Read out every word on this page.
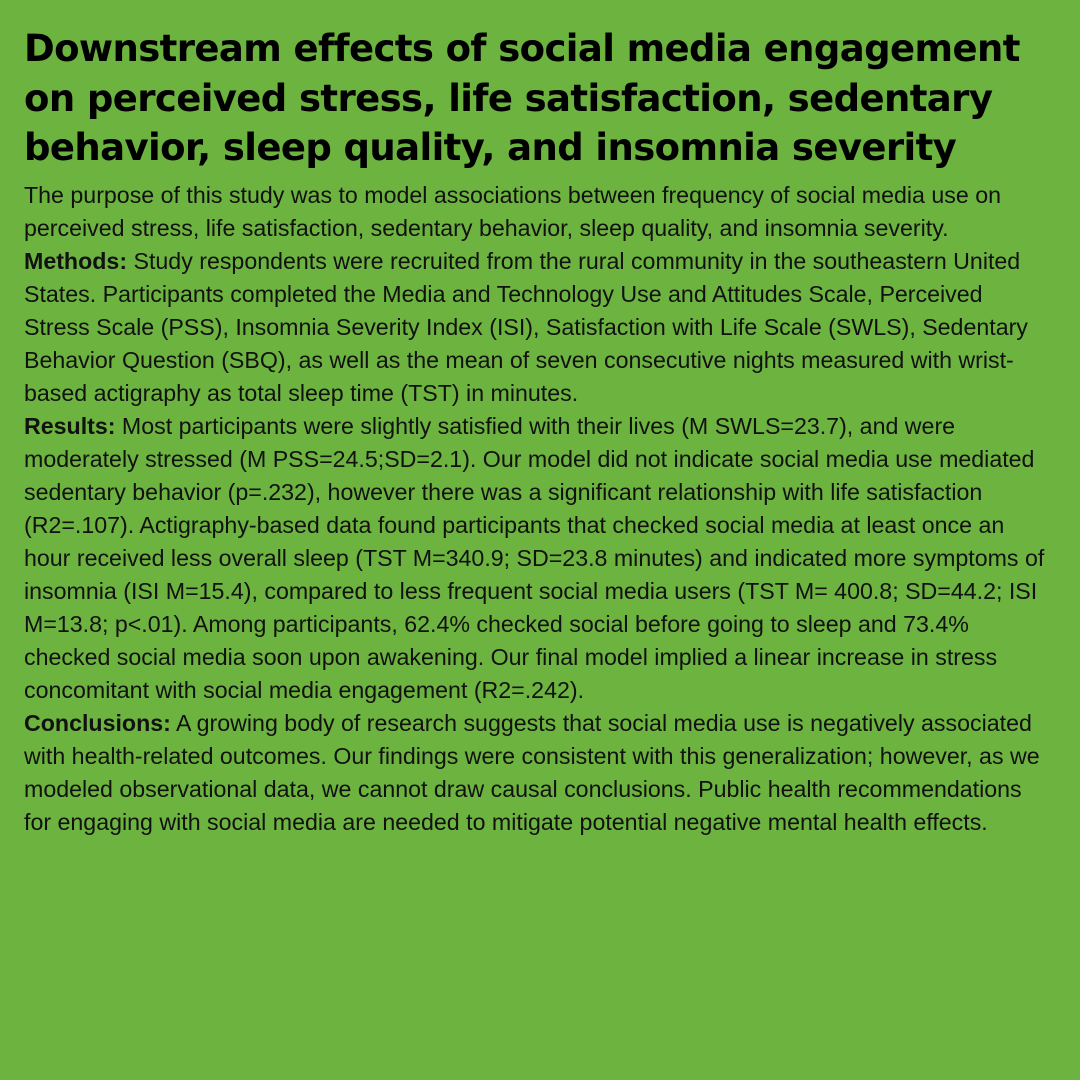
Downstream effects of social media engagement on perceived stress, life satisfaction, sedentary behavior, sleep quality, and insomnia severity

The purpose of this study was to model associations between frequency of social media use on perceived stress, life satisfaction, sedentary behavior, sleep quality, and insomnia severity.

Methods: Study respondents were recruited from the rural community in the southeastern United States. Participants completed the Media and Technology Use and Attitudes Scale, Perceived Stress Scale (PSS), Insomnia Severity Index (ISI), Satisfaction with Life Scale (SWLS), Sedentary Behavior Question (SBQ), as well as the mean of seven consecutive nights measured with wrist-based actigraphy as total sleep time (TST) in minutes.

Results: Most participants were slightly satisfied with their lives (M SWLS=23.7), and were moderately stressed (M PSS=24.5;SD=2.1). Our model did not indicate social media use mediated sedentary behavior (p=.232), however there was a significant relationship with life satisfaction (R2=.107). Actigraphy-based data found participants that checked social media at least once an hour received less overall sleep (TST M=340.9; SD=23.8 minutes) and indicated more symptoms of insomnia (ISI M=15.4), compared to less frequent social media users (TST M= 400.8; SD=44.2; ISI M=13.8; p<.01). Among participants, 62.4% checked social before going to sleep and 73.4% checked social media soon upon awakening. Our final model implied a linear increase in stress concomitant with social media engagement (R2=.242).

Conclusions: A growing body of research suggests that social media use is negatively associated with health-related outcomes. Our findings were consistent with this generalization; however, as we modeled observational data, we cannot draw causal conclusions. Public health recommendations for engaging with social media are needed to mitigate potential negative mental health effects.
